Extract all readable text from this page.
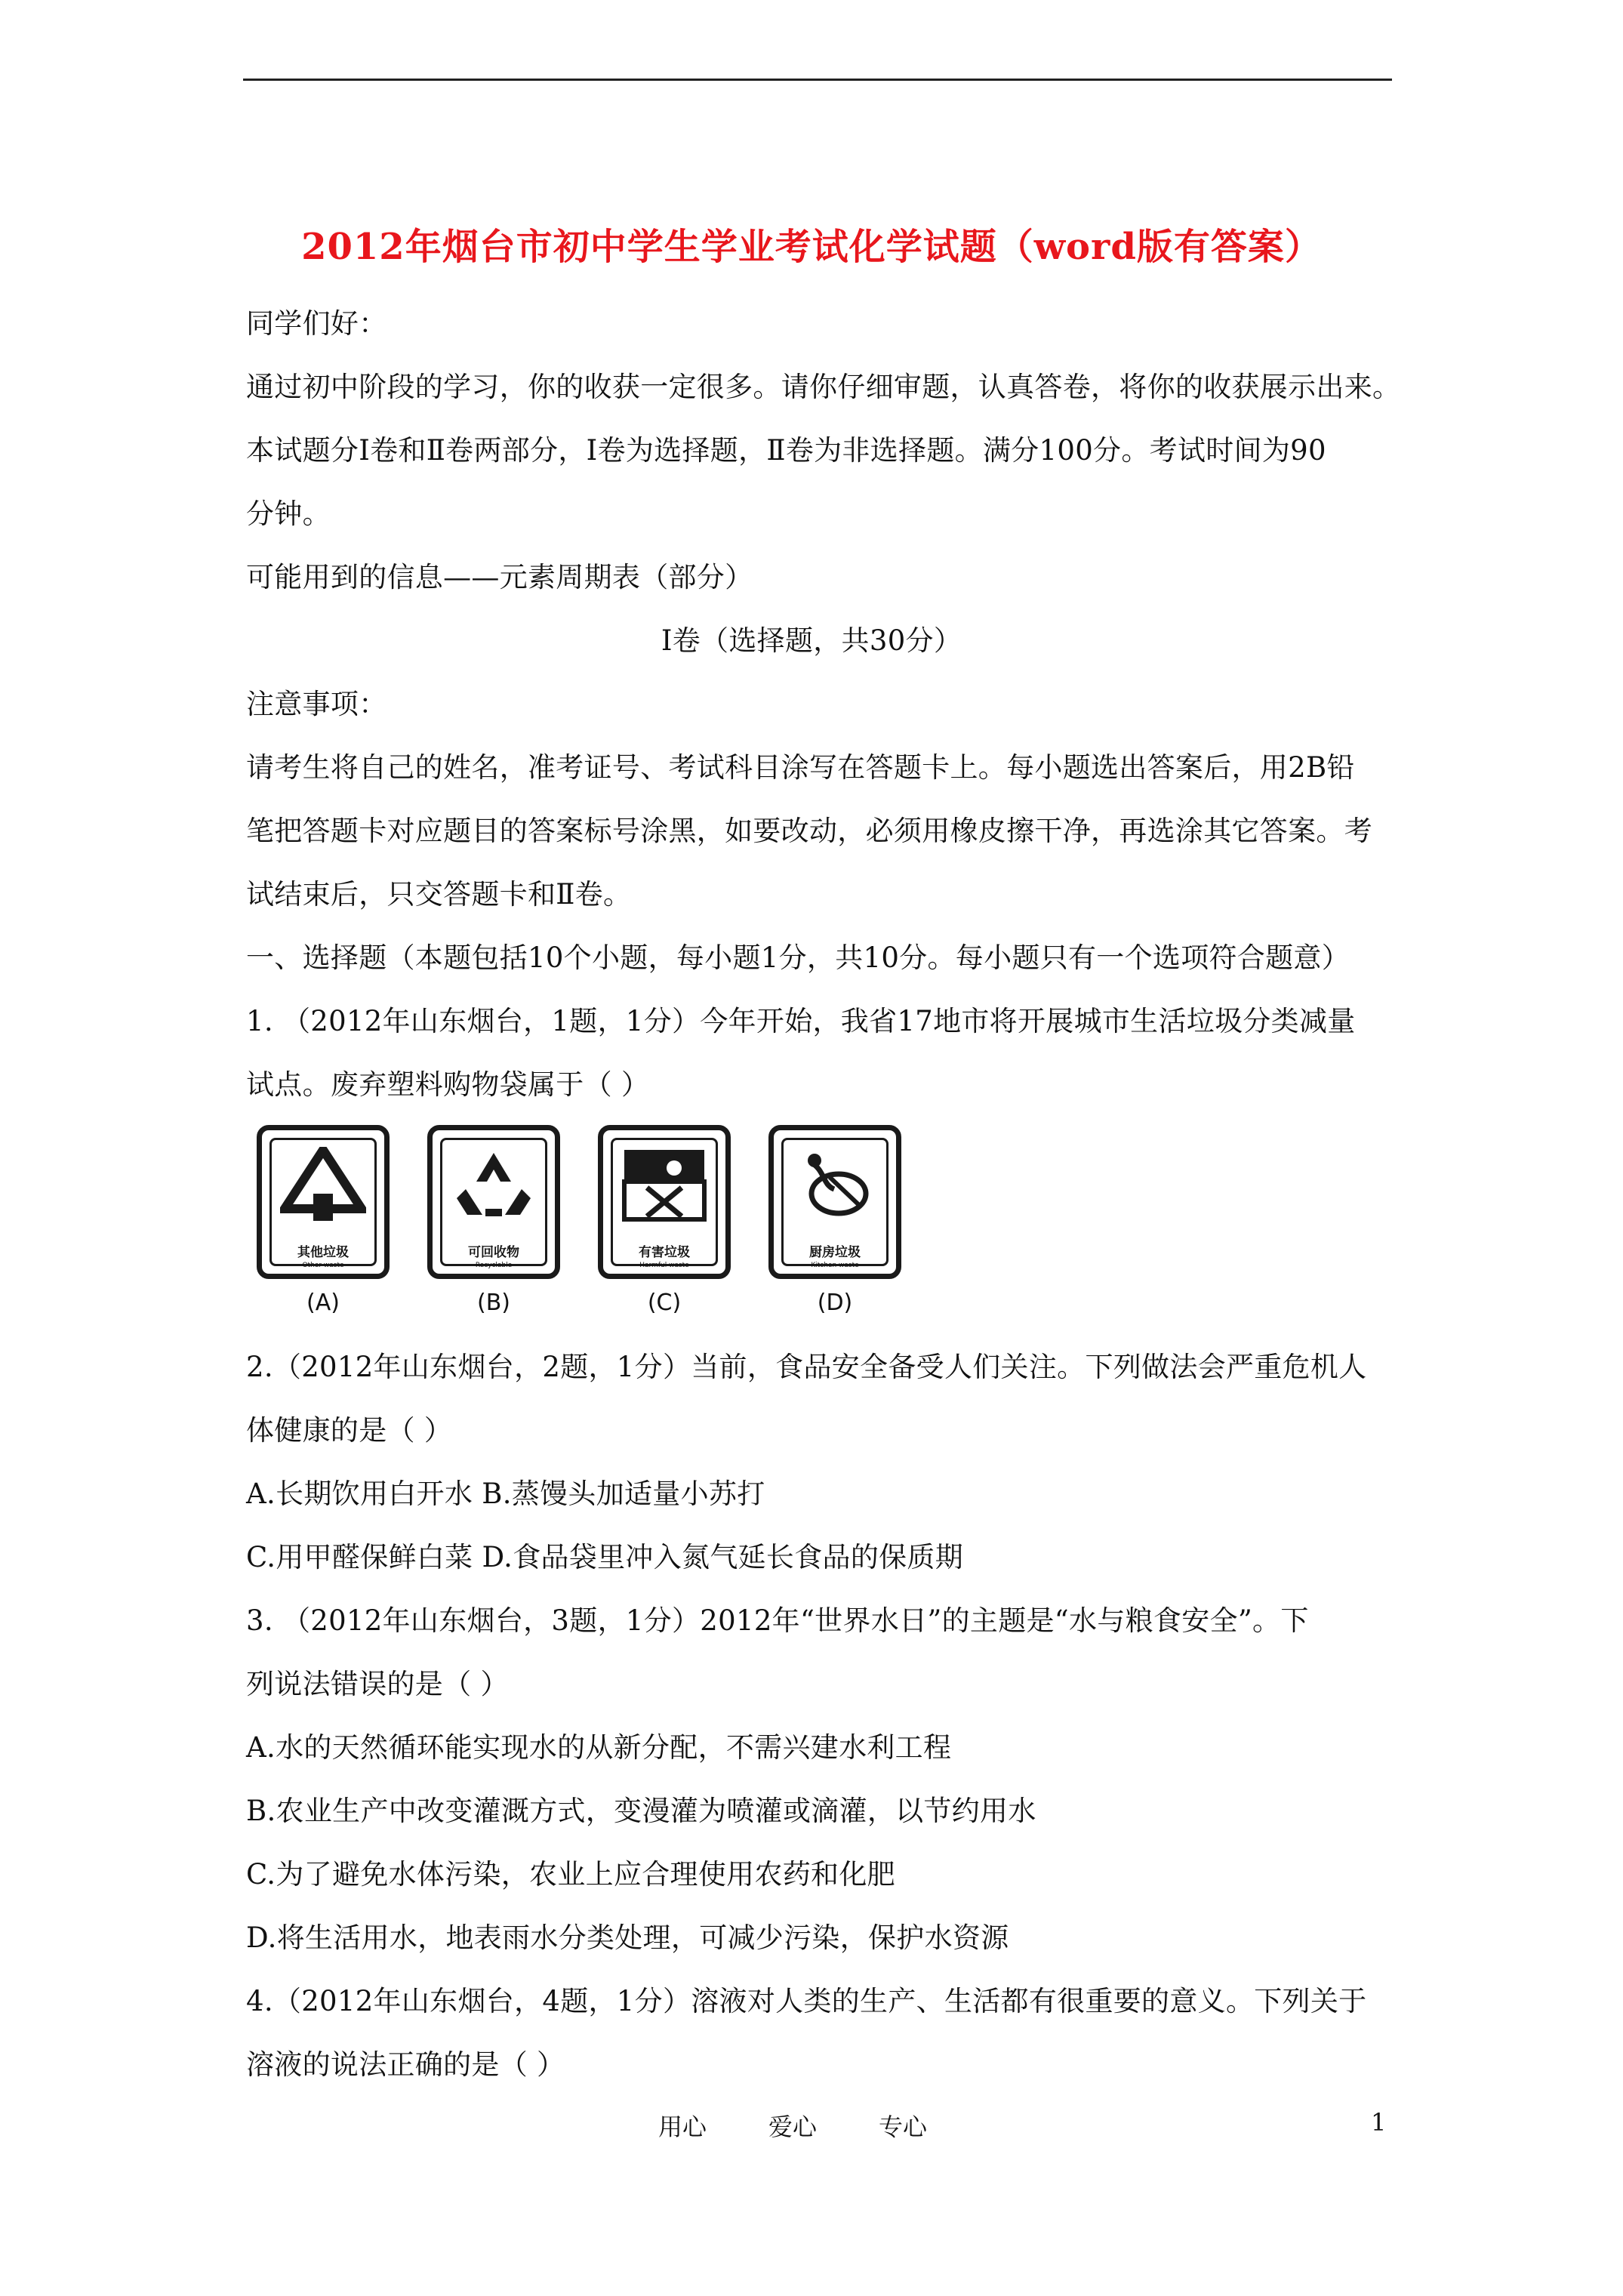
2012年烟台市初中学生学业考试化学试题（word版有答案）
同学们好：
通过初中阶段的学习，你的收获一定很多。请你仔细审题，认真答卷，将你的收获展示出来。
本试题分Ⅰ卷和Ⅱ卷两部分，Ⅰ卷为选择题，Ⅱ卷为非选择题。满分100分。考试时间为90
分钟。
可能用到的信息——元素周期表（部分）
Ⅰ卷（选择题，共30分）
注意事项：
请考生将自己的姓名，准考证号、考试科目涂写在答题卡上。每小题选出答案后，用2B铅
笔把答题卡对应题目的答案标号涂黑，如要改动，必须用橡皮擦干净，再选涂其它答案。考
试结束后，只交答题卡和Ⅱ卷。
一、选择题（本题包括10个小题，每小题1分，共10分。每小题只有一个选项符合题意）
1. （2012年山东烟台，1题，1分）今年开始，我省17地市将开展城市生活垃圾分类减量
试点。废弃塑料购物袋属于（ ）
其他垃圾
Other waste
(A)
可回收物
Recyclable
(B)
有害垃圾
Harmful waste
(C)
厨房垃圾
Kitchen waste
(D)
2.（2012年山东烟台，2题，1分）当前，食品安全备受人们关注。下列做法会严重危机人
体健康的是（ ）
A.长期饮用白开水 B.蒸馒头加适量小苏打
C.用甲醛保鲜白菜 D.食品袋里冲入氮气延长食品的保质期
3. （2012年山东烟台，3题，1分）2012年“世界水日”的主题是“水与粮食安全”。下
列说法错误的是（ ）
A.水的天然循环能实现水的从新分配，不需兴建水利工程
B.农业生产中改变灌溉方式，变漫灌为喷灌或滴灌，以节约用水
C.为了避免水体污染，农业上应合理使用农药和化肥
D.将生活用水，地表雨水分类处理，可减少污染，保护水资源
4.（2012年山东烟台，4题，1分）溶液对人类的生产、生活都有很重要的意义。下列关于
溶液的说法正确的是（ ）
用心	爱心	专心	1
